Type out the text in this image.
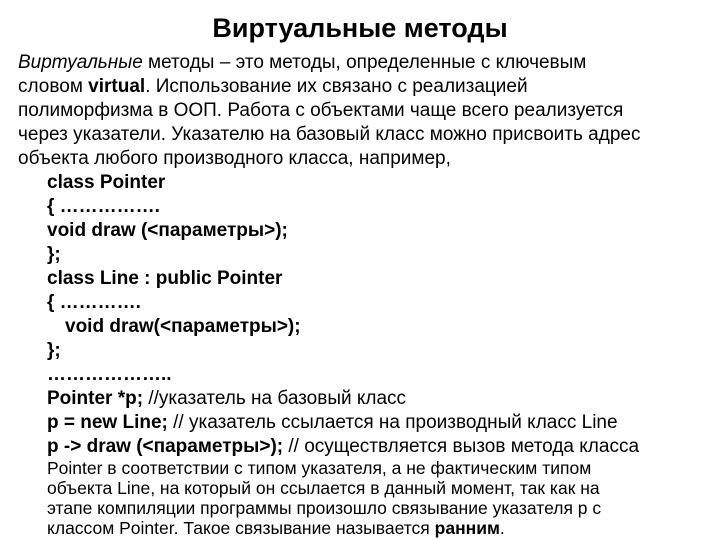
Виртуальные методы
Виртуальные методы – это методы, определенные с ключевым
словом virtual. Использование их связано с реализацией
полиморфизма в ООП. Работа с объектами чаще всего реализуется
через указатели. Указателю на базовый класс можно присвоить адрес
объекта любого производного класса, например,
class Pointer
{ …………….
void draw (<параметры>);
};
class Line : public Pointer
{ ………….
void draw(<параметры>);
};
………………..
Pointer *p; //указатель на базовый класс
p = new Line; // указатель ссылается на производный класс Line
p -> draw (<параметры>); // осуществляется вызов метода класса
Pointer в соответствии с типом указателя, а не фактическим типом
объекта Line, на который он ссылается в данный момент, так как на
этапе компиляции программы произошло связывание указателя p с
классом Pointer. Такое связывание называется ранним.
